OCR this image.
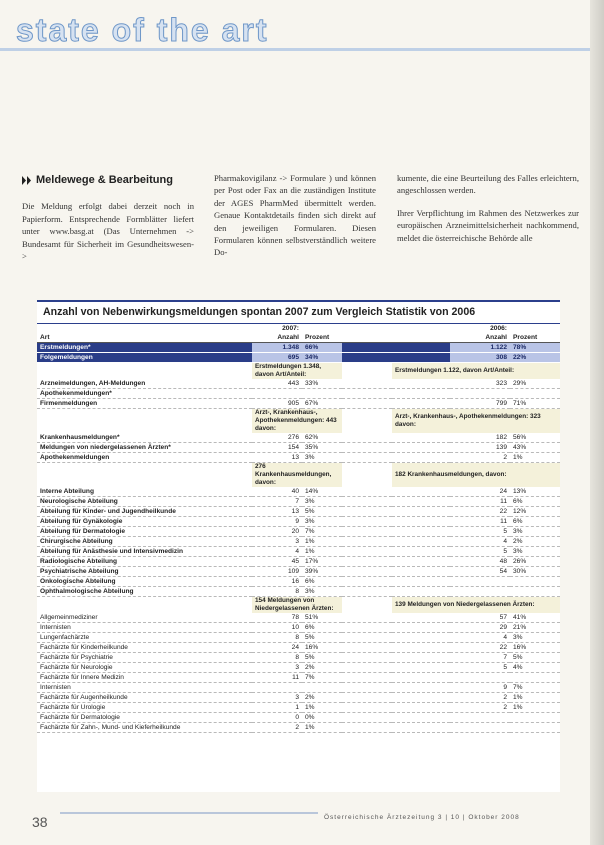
state of the art
Meldewege & Bearbeitung

Die Meldung erfolgt dabei derzeit noch in Papierform. Entsprechende Formblätter liefert unter www.basg.at (Das Unternehmen -> Bundesamt für Sicherheit im Gesundheitswesen->

Pharmakovigilanz -> Formulare ) und können per Post oder Fax an die zuständigen Institute der AGES PharmMed übermittelt werden. Genaue Kontaktdetails finden sich direkt auf den jeweiligen Formularen. Diesen Formularen können selbstverständlich weitere Do-

kumente, die eine Beurteilung des Falles erleichtern, angeschlossen werden.

Ihrer Verpflichtung im Rahmen des Netzwerkes zur europäischen Arzneimittelsicherheit nachkommend, meldet die österreichische Behörde alle

Anzahl von Nebenwirkungsmeldungen spontan 2007 zum Vergleich Statistik von 2006
	2007:				2006:	
Art	Anzahl	Prozent			Anzahl	Prozent
Erstmeldungen*	1.348	66%			1.122	78%
Folgemeldungen	695	34%			308	22%
	Erstmeldungen 1.348, davon Art/Anteil:			Erstmeldungen 1.122, davon Art/Anteil:		
Arzneimeldungen, AH-Meldungen	443	33%			323	29%
Apothekenmeldungen*						
Firmenmeldungen	905	67%			799	71%
	Arzt-, Krankenhaus-, Apothekenmeldungen: 443 davon:			Arzt-, Krankenhaus-, Apothekenmeldungen: 323 davon:		
Krankenhausmeldungen*	276	62%			182	56%
Meldungen von niedergelassenen Ärzten*	154	35%			139	43%
Apothekenmeldungen	13	3%			2	1%
	276 Krankenhausmeldungen, davon:			182 Krankenhausmeldungen, davon:		
Interne Abteilung	40	14%			24	13%
Neurologische Abteilung	7	3%			11	6%
Abteilung für Kinder- und Jugendheilkunde	13	5%			22	12%
Abteilung für Gynäkologie	9	3%			11	6%
Abteilung für Dermatologie	20	7%			5	3%
Chirurgische Abteilung	3	1%			4	2%
Abteilung für Anästhesie und Intensivmedizin	4	1%			5	3%
Radiologische Abteilung	45	17%			48	26%
Psychiatrische Abteilung	109	39%			54	30%
Onkologische Abteilung	16	6%				
Ophthalmologische Abteilung	8	3%				
	154 Meldungen von Niedergelassenen Ärzten:			139 Meldungen von Niedergelassenen Ärzten:		
Allgemeinmediziner	78	51%			57	41%
Internisten	10	6%			29	21%
Lungenfachärzte	8	5%			4	3%
Fachärzte für Kinderheilkunde	24	16%			22	16%
Fachärzte für Psychiatrie	8	5%			7	5%
Fachärzte für Neurologie	3	2%			5	4%
Fachärzte für Innere Medizin	11	7%				
Internisten					9	7%
Fachärzte für Augenheilkunde	3	2%			2	1%
Fachärzte für Urologie	1	1%			2	1%
Fachärzte für Dermatologie	0	0%				
Fachärzte für Zahn-, Mund- und Kieferheilkunde	2	1%				
38	Österreichische Ärztezeitung 3 | 10 | Oktober 2008
